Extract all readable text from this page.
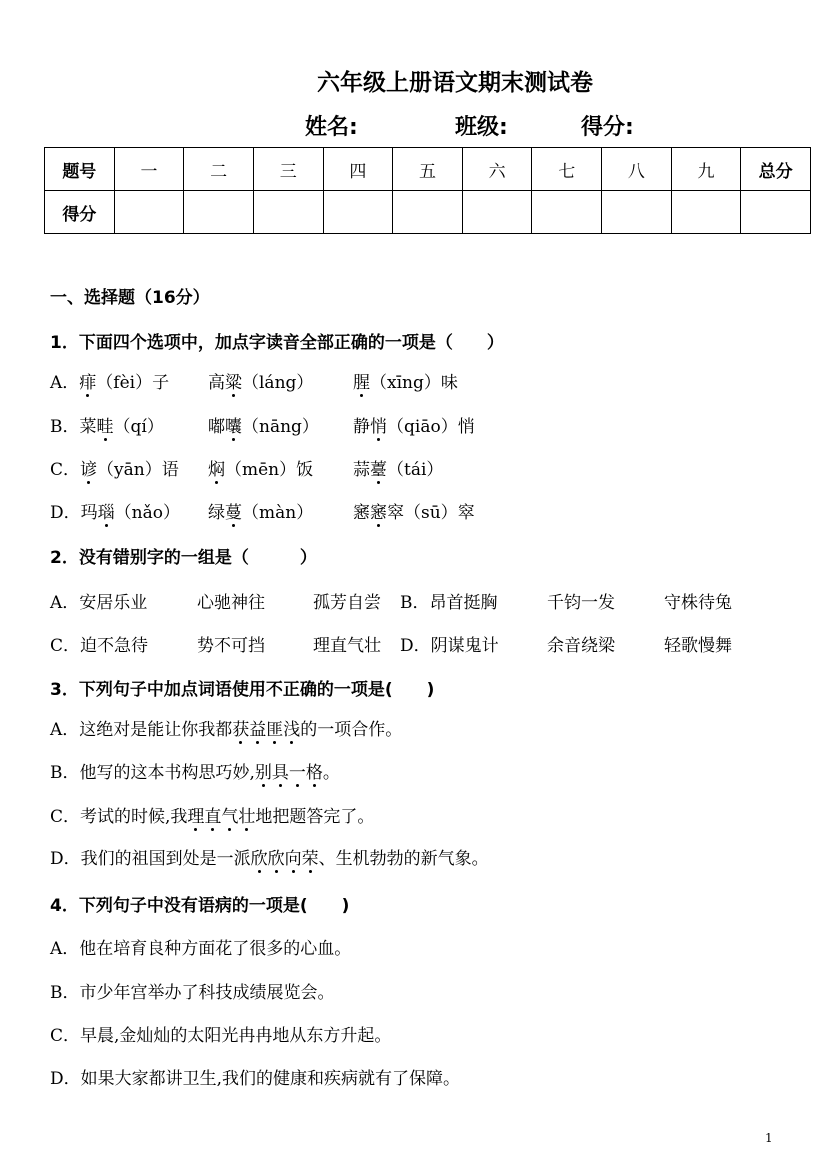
六年级上册语文期末测试卷
姓名:	班级:	得分:
题号	一	二	三	四	五	六	七	八	九	总分
得分										
一、选择题（16分）
1．下面四个选项中，加点字读音全部正确的一项是（　　）
A．痱（fèi）子 高粱（láng） 腥（xīng）味
B．菜畦（qí）	嘟囔（nāng） 静悄（qiāo）悄
C．谚（yān）语 焖（mēn）饭 蒜薹（tái）
D．玛瑙（nǎo） 绿蔓（màn） 窸窸窣（sū）窣
2．没有错别字的一组是（　　　）
A．安居乐业	心驰神往	孤芳自尝 B．昂首挺胸	千钧一发	守株待兔
C．迫不急待	势不可挡	理直气壮 D．阴谋鬼计	余音绕梁	轻歌慢舞
3．下列句子中加点词语使用不正确的一项是(　　)
A．这绝对是能让你我都获益匪浅的一项合作。
B．他写的这本书构思巧妙,别具一格。
C．考试的时候,我理直气壮地把题答完了。
D．我们的祖国到处是一派欣欣向荣、生机勃勃的新气象。
4．下列句子中没有语病的一项是(　　)
A．他在培育良种方面花了很多的心血。
B．市少年宫举办了科技成绩展览会。
C．早晨,金灿灿的太阳光冉冉地从东方升起。
D．如果大家都讲卫生,我们的健康和疾病就有了保障。
1
